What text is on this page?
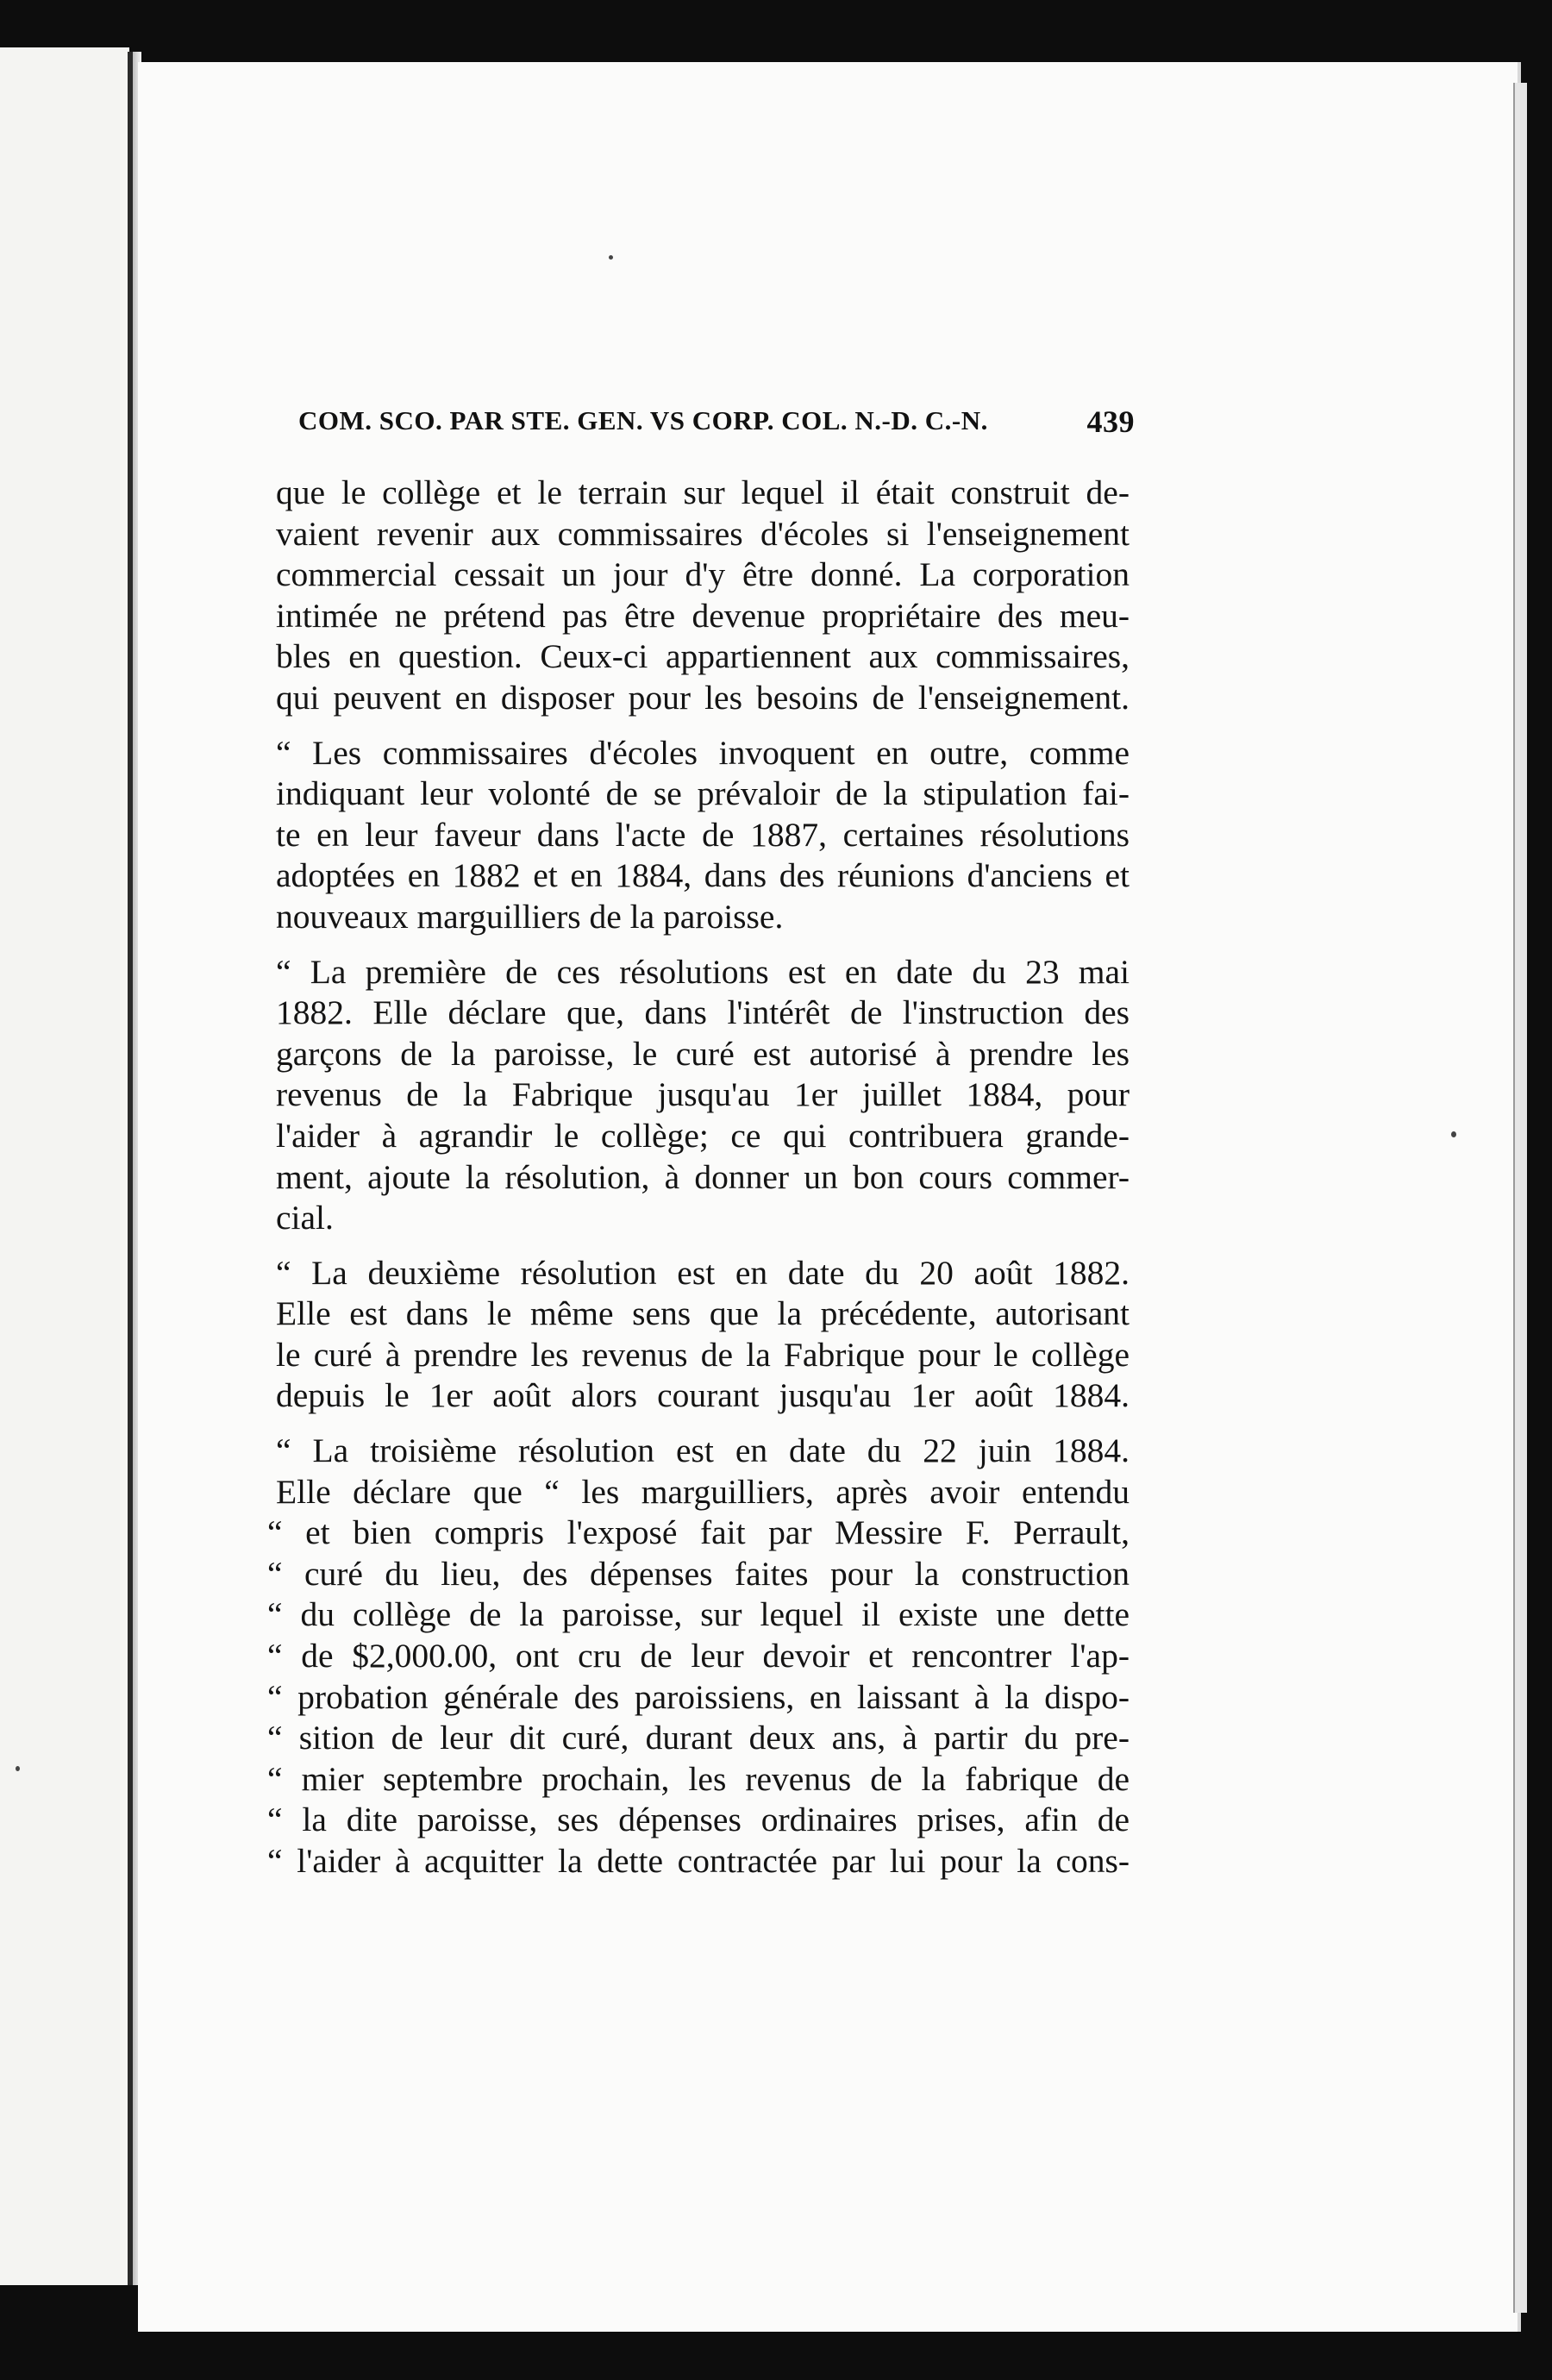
COM. SCO. PAR STE. GEN. VS CORP. COL. N.-D. C.-N.	439

que le collège et le terrain sur lequel il était construit de-
vaient revenir aux commissaires d'écoles si l'enseignement
commercial cessait un jour d'y être donné. La corporation
intimée ne prétend pas être devenue propriétaire des meu-
bles en question. Ceux-ci appartiennent aux commissaires,
qui peuvent en disposer pour les besoins de l'enseignement.

“ Les commissaires d'écoles invoquent en outre, comme
indiquant leur volonté de se prévaloir de la stipulation fai-
te en leur faveur dans l'acte de 1887, certaines résolutions
adoptées en 1882 et en 1884, dans des réunions d'anciens et
nouveaux marguilliers de la paroisse.

“ La première de ces résolutions est en date du 23 mai
1882. Elle déclare que, dans l'intérêt de l'instruction des
garçons de la paroisse, le curé est autorisé à prendre les
revenus de la Fabrique jusqu'au 1er juillet 1884, pour
l'aider à agrandir le collège; ce qui contribuera grande-
ment, ajoute la résolution, à donner un bon cours commer-
cial.

“ La deuxième résolution est en date du 20 août 1882.
Elle est dans le même sens que la précédente, autorisant
le curé à prendre les revenus de la Fabrique pour le collège
depuis le 1er août alors courant jusqu'au 1er août 1884.

“ La troisième résolution est en date du 22 juin 1884.
Elle déclare que “ les marguilliers, après avoir entendu
“ et bien compris l'exposé fait par Messire F. Perrault,
“ curé du lieu, des dépenses faites pour la construction
“ du collège de la paroisse, sur lequel il existe une dette
“ de $2,000.00, ont cru de leur devoir et rencontrer l'ap-
“ probation générale des paroissiens, en laissant à la dispo-
“ sition de leur dit curé, durant deux ans, à partir du pre-
“ mier septembre prochain, les revenus de la fabrique de
“ la dite paroisse, ses dépenses ordinaires prises, afin de
“ l'aider à acquitter la dette contractée par lui pour la cons-
